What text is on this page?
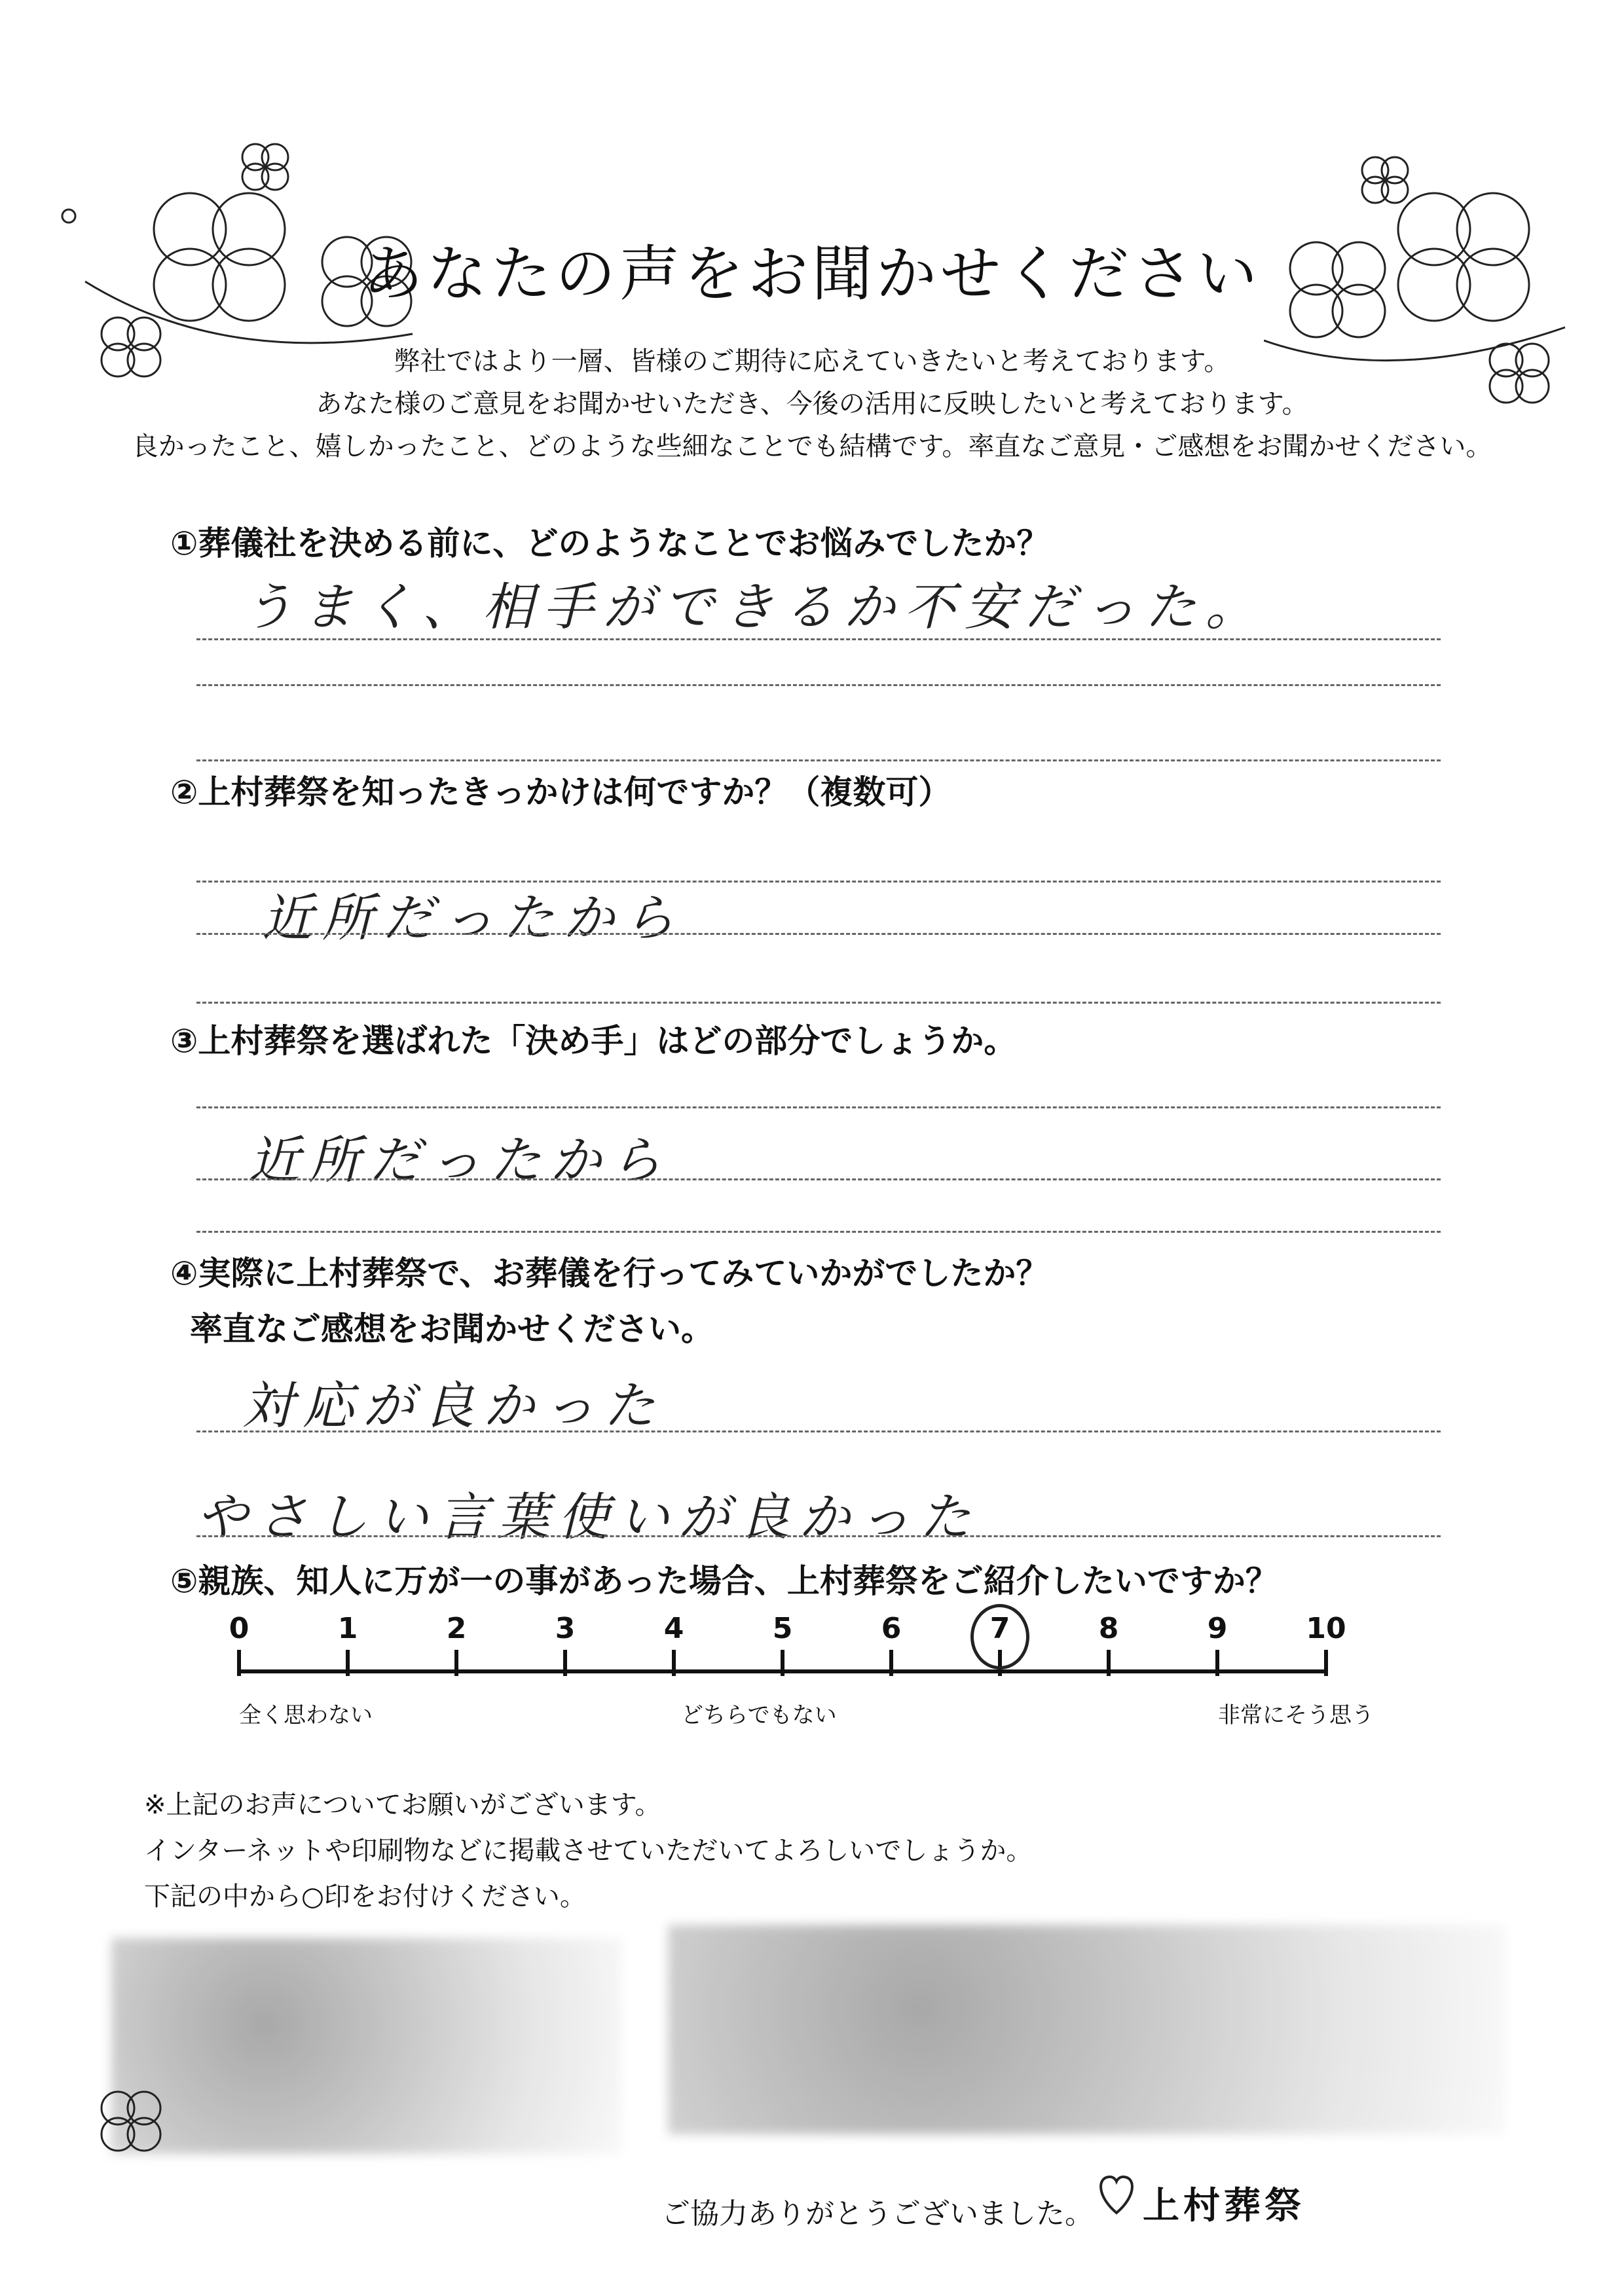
あなたの声をお聞かせください
弊社ではより一層、皆様のご期待に応えていきたいと考えております。
あなた様のご意見をお聞かせいただき、今後の活用に反映したいと考えております。
良かったこと、嬉しかったこと、どのような些細なことでも結構です。率直なご意見・ご感想をお聞かせください。
①葬儀社を決める前に、どのようなことでお悩みでしたか？
うまく、相手ができるか不安だった。
②上村葬祭を知ったきっかけは何ですか？（複数可）
近所だったから
③上村葬祭を選ばれた「決め手」はどの部分でしょうか。
近所だったから
④実際に上村葬祭で、お葬儀を行ってみていかがでしたか？
率直なご感想をお聞かせください。
対応が良かった
やさしい言葉使いが良かった
⑤親族、知人に万が一の事があった場合、上村葬祭をご紹介したいですか？
0	1	2	3	4	5	6	7	8	9	10
全く思わない	どちらでもない	非常にそう思う
※上記のお声についてお願いがございます。
インターネットや印刷物などに掲載させていただいてよろしいでしょうか。
下記の中から○印をお付けください。
ご協力ありがとうございました。 上村葬祭
